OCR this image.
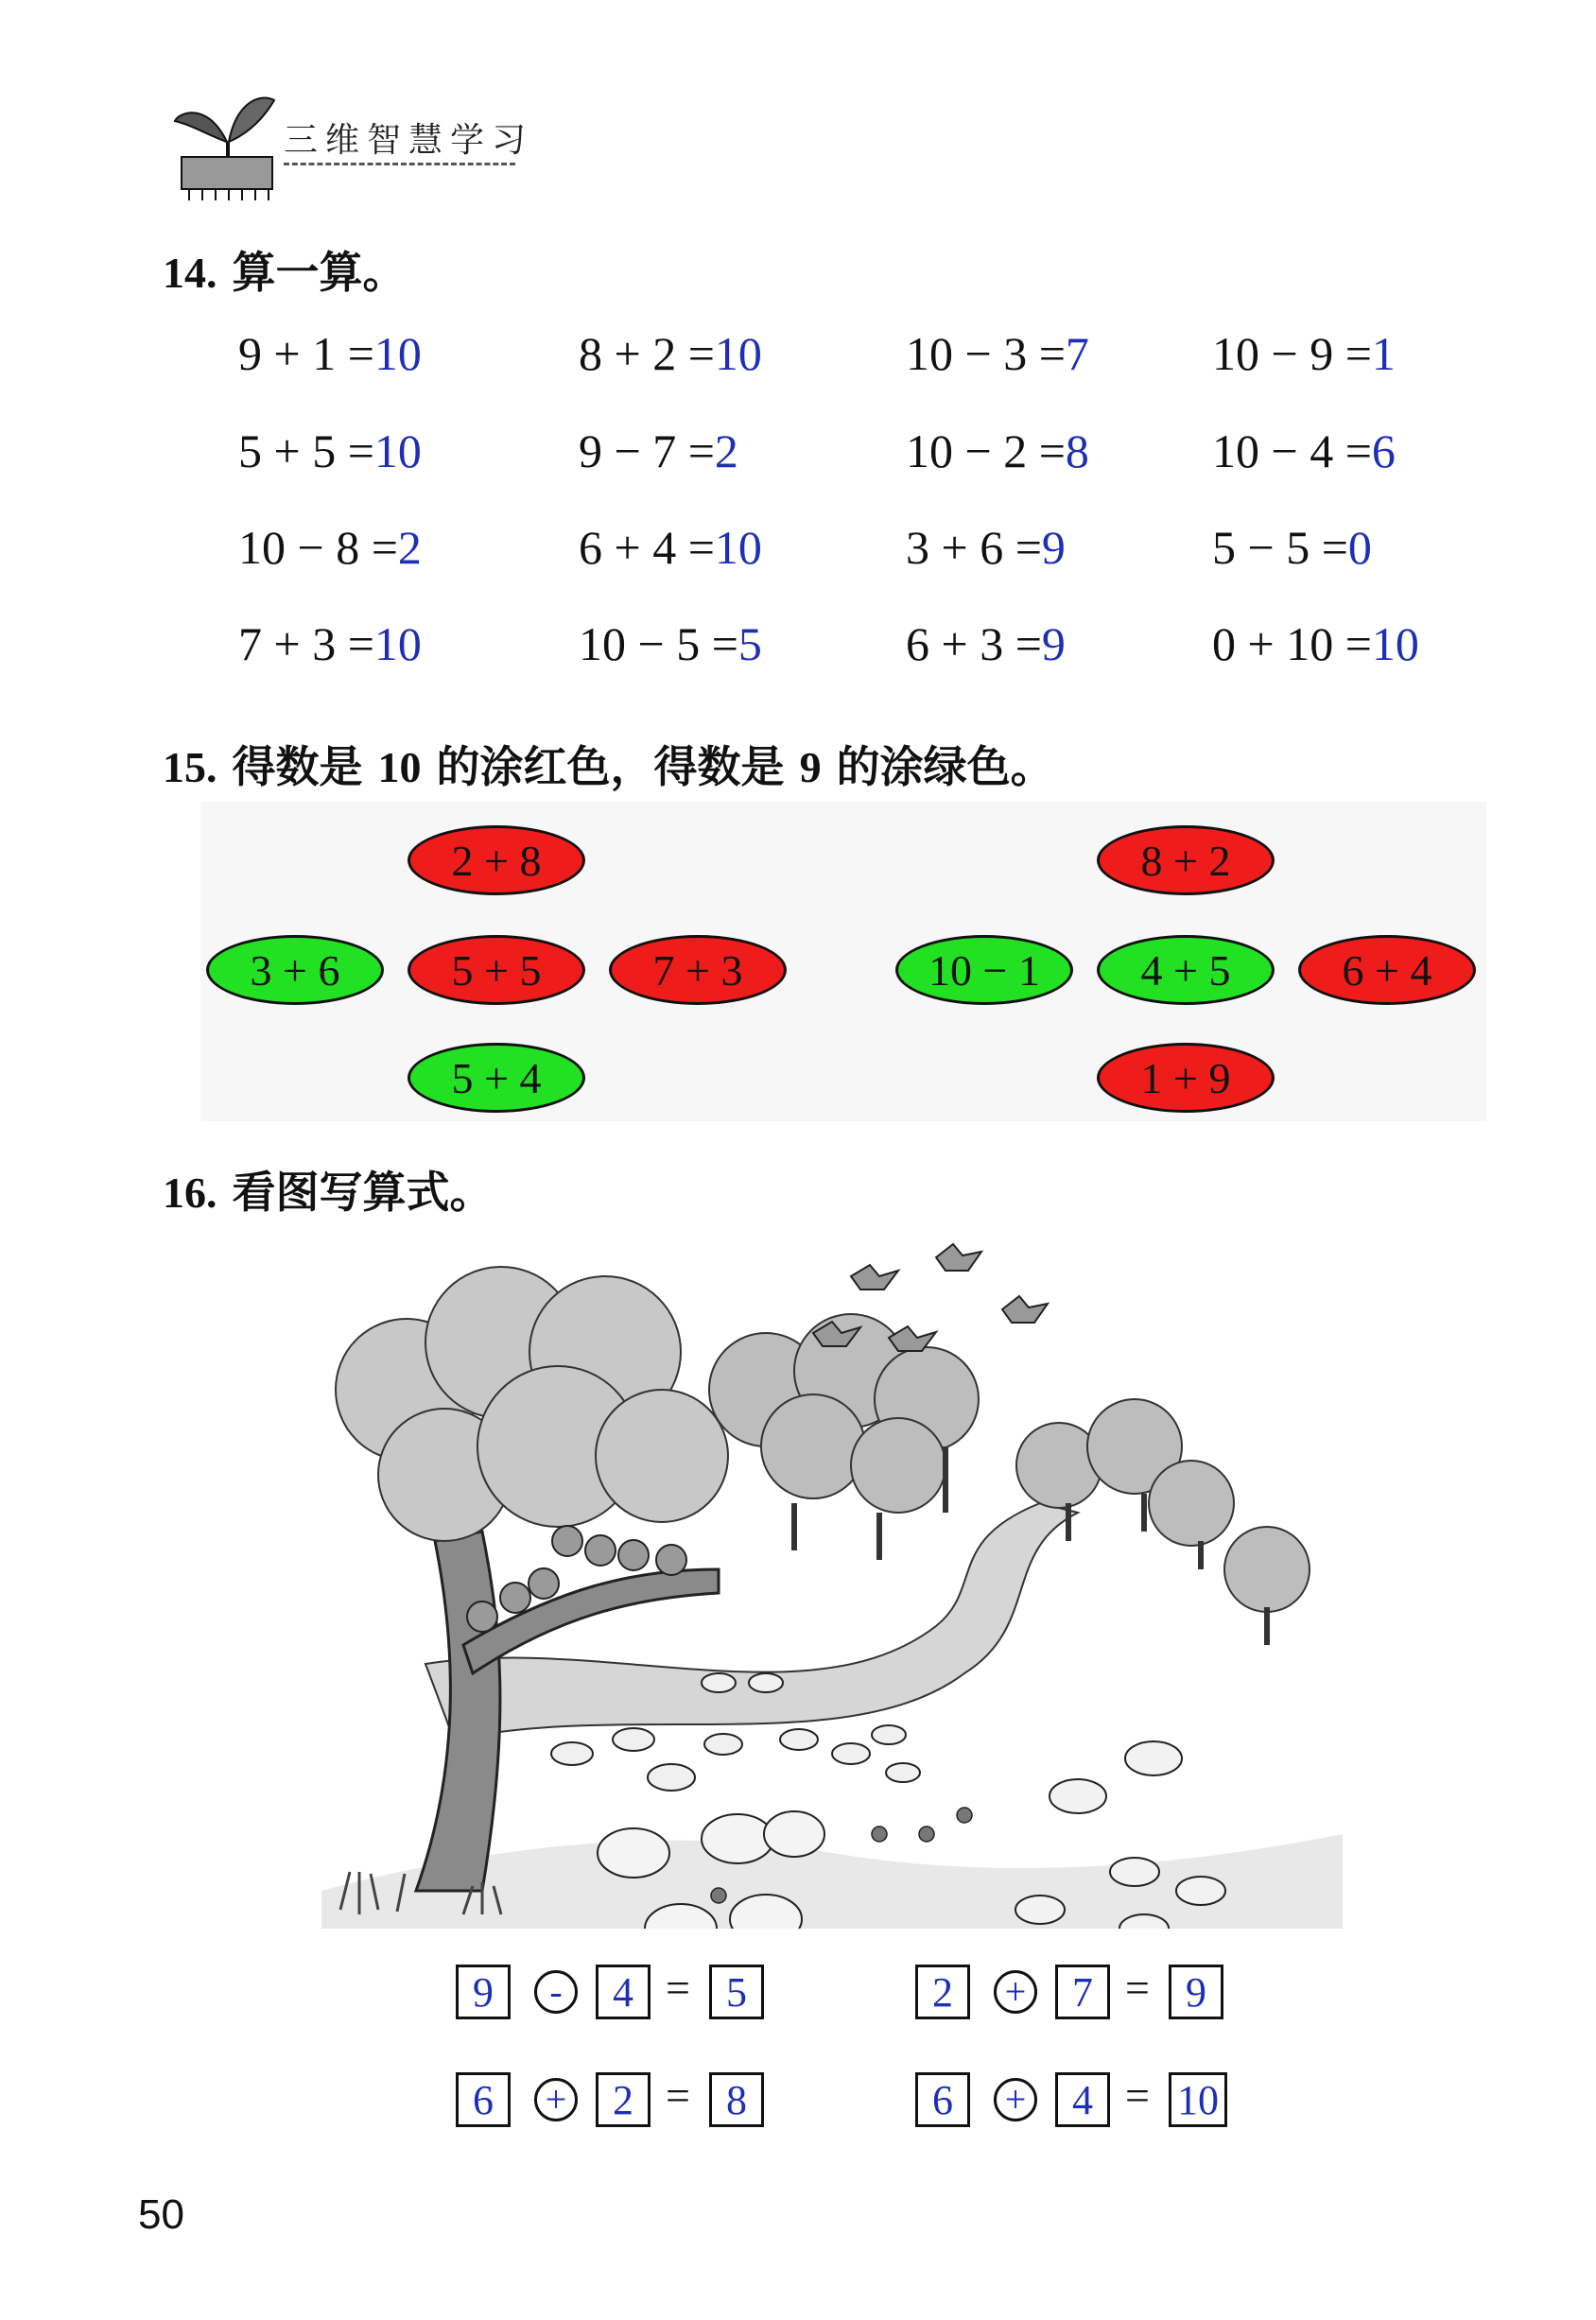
三维智慧学习
14. 算一算。
9 + 1 =10	8 + 2 =10	10 − 3 =7	10 − 9 =1
5 + 5 =10	9 − 7 =2	10 − 2 =8	10 − 4 =6
10 − 8 =2	6 + 4 =10	3 + 6 =9	5 − 5 =0
7 + 3 =10	10 − 5 =5	6 + 3 =9	0 + 10 =10
15. 得数是 10 的涂红色，得数是 9 的涂绿色。
2 + 8
3 + 6	5 + 5	7 + 3
5 + 4
8 + 2
10 − 1	4 + 5	6 + 4
1 + 9
16. 看图写算式。
9	-	4 = 5	2	+	7 = 9
6	+	2 = 8	6	+	4 = 10
50
